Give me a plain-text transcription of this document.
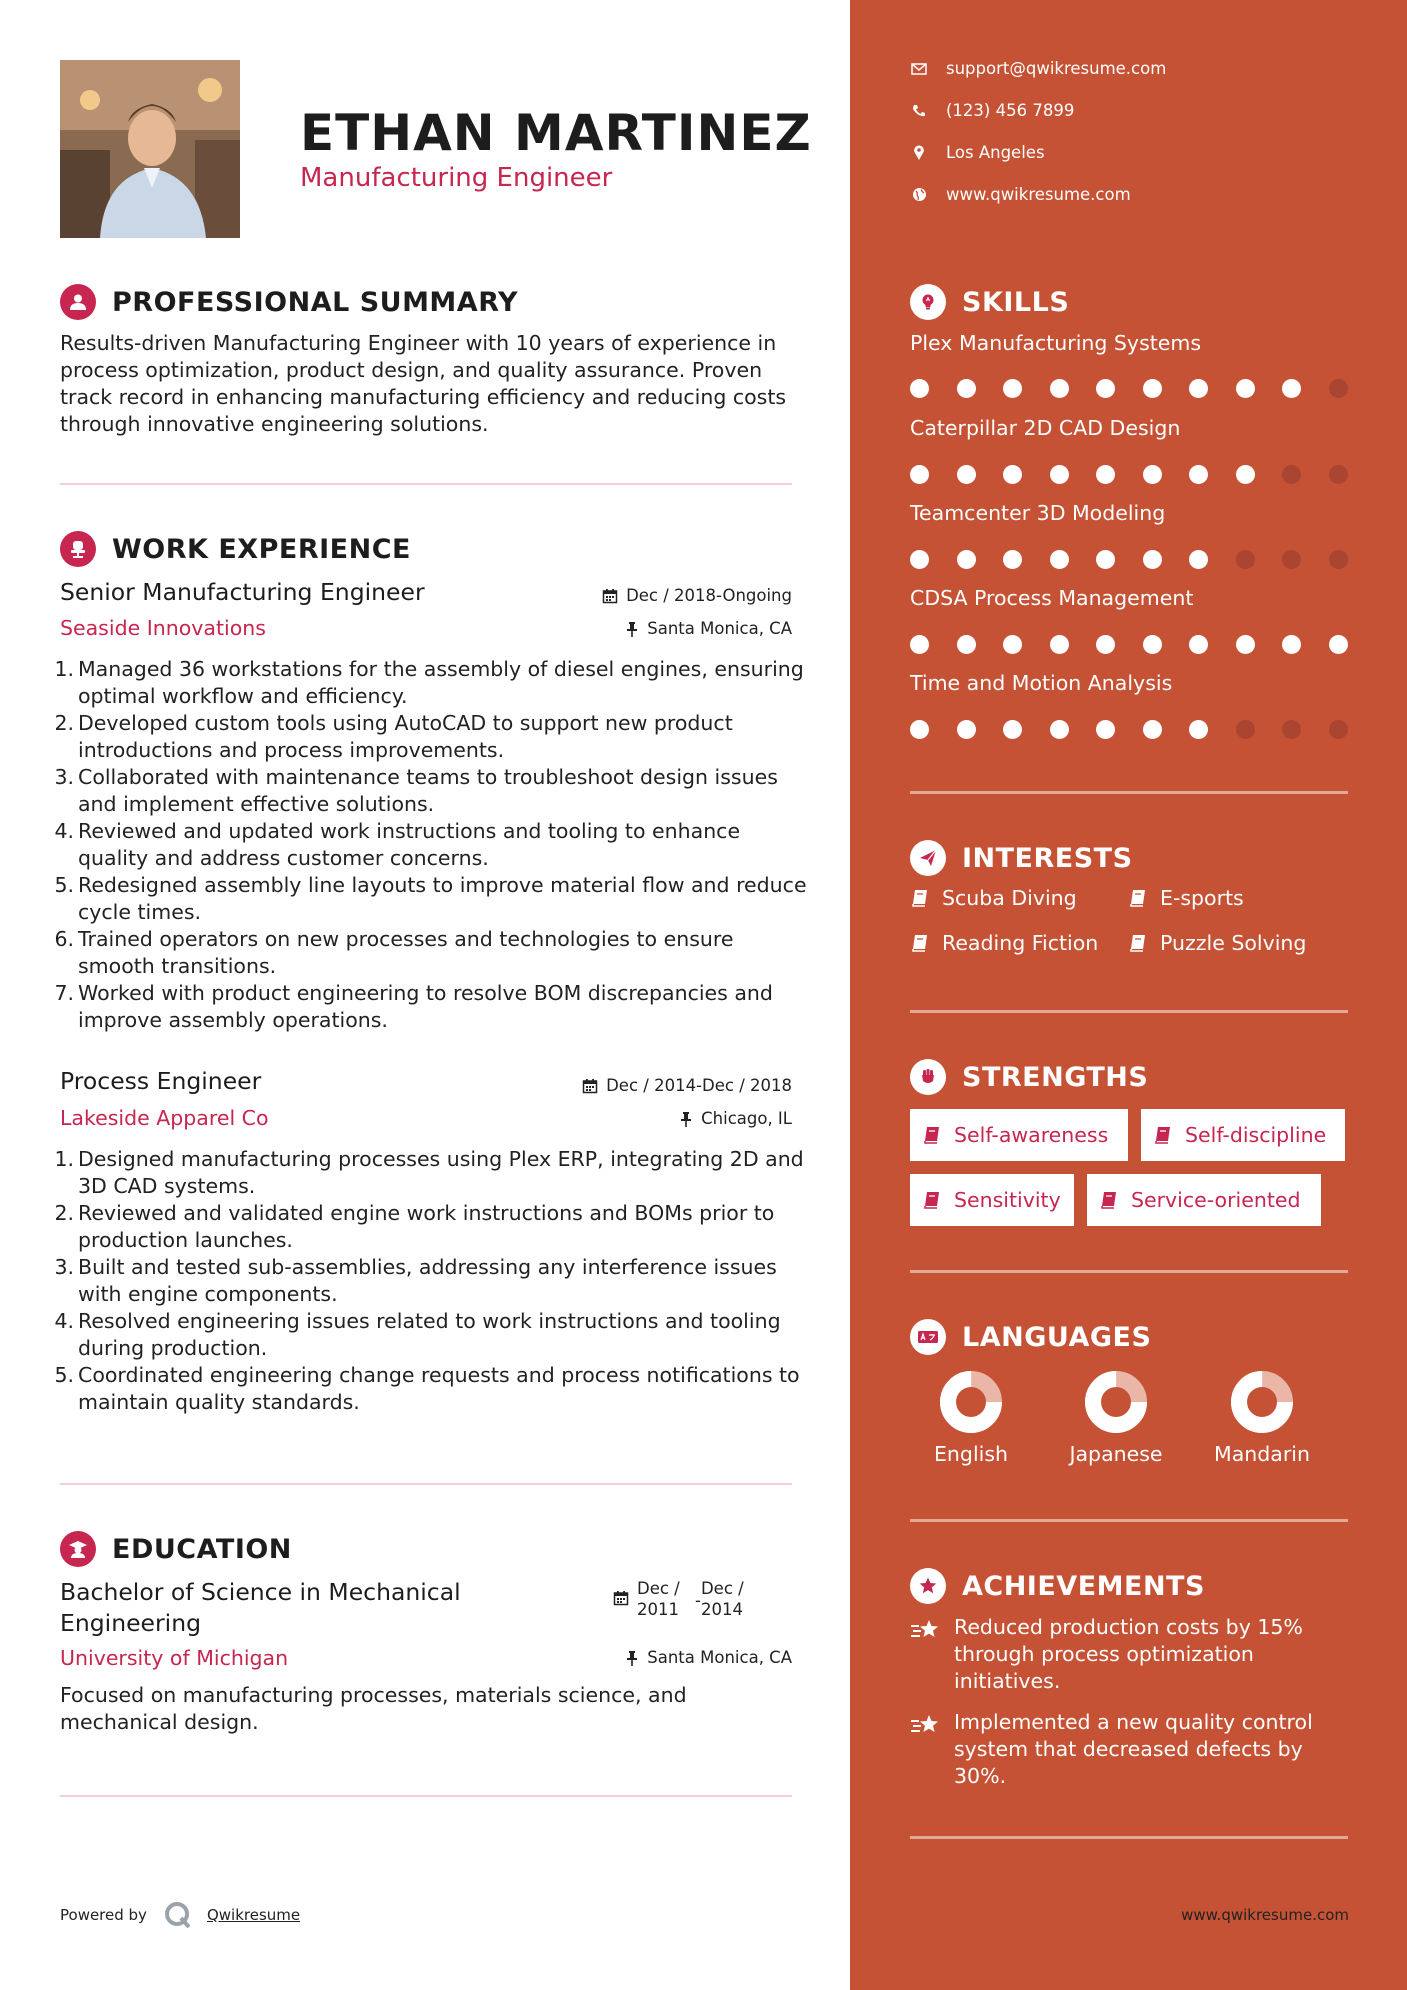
ETHAN MARTINEZ
Manufacturing Engineer
PROFESSIONAL SUMMARY
Results-driven Manufacturing Engineer with 10 years of experience in process optimization, product design, and quality assurance. Proven track record in enhancing manufacturing efficiency and reducing costs through innovative engineering solutions.
WORK EXPERIENCE
Senior Manufacturing Engineer	Dec / 2018-Ongoing
Seaside Innovations	Santa Monica, CA
1. Managed 36 workstations for the assembly of diesel engines, ensuring optimal workflow and efficiency.
2. Developed custom tools using AutoCAD to support new product introductions and process improvements.
3. Collaborated with maintenance teams to troubleshoot design issues and implement effective solutions.
4. Reviewed and updated work instructions and tooling to enhance quality and address customer concerns.
5. Redesigned assembly line layouts to improve material flow and reduce cycle times.
6. Trained operators on new processes and technologies to ensure smooth transitions.
7. Worked with product engineering to resolve BOM discrepancies and improve assembly operations.
Process Engineer	Dec / 2014-Dec / 2018
Lakeside Apparel Co	Chicago, IL
1. Designed manufacturing processes using Plex ERP, integrating 2D and 3D CAD systems.
2. Reviewed and validated engine work instructions and BOMs prior to production launches.
3. Built and tested sub-assemblies, addressing any interference issues with engine components.
4. Resolved engineering issues related to work instructions and tooling during production.
5. Coordinated engineering change requests and process notifications to maintain quality standards.
EDUCATION
Bachelor of Science in Mechanical Engineering
Dec / 2011 -
Dec / 2014
University of Michigan	Santa Monica, CA
Focused on manufacturing processes, materials science, and mechanical design.
Powered by	Qwikresume
support@qwikresume.com
(123) 456 7899
Los Angeles
www.qwikresume.com
SKILLS
Plex Manufacturing Systems
Caterpillar 2D CAD Design
Teamcenter 3D Modeling
CDSA Process Management
Time and Motion Analysis
INTERESTS
Scuba Diving	E-sports
Reading Fiction	Puzzle Solving
STRENGTHS
Self-awareness	Self-discipline
Sensitivity	Service-oriented
LANGUAGES
English	Japanese	Mandarin
ACHIEVEMENTS
Reduced production costs by 15% through process optimization initiatives.
Implemented a new quality control system that decreased defects by 30%.
www.qwikresume.com
